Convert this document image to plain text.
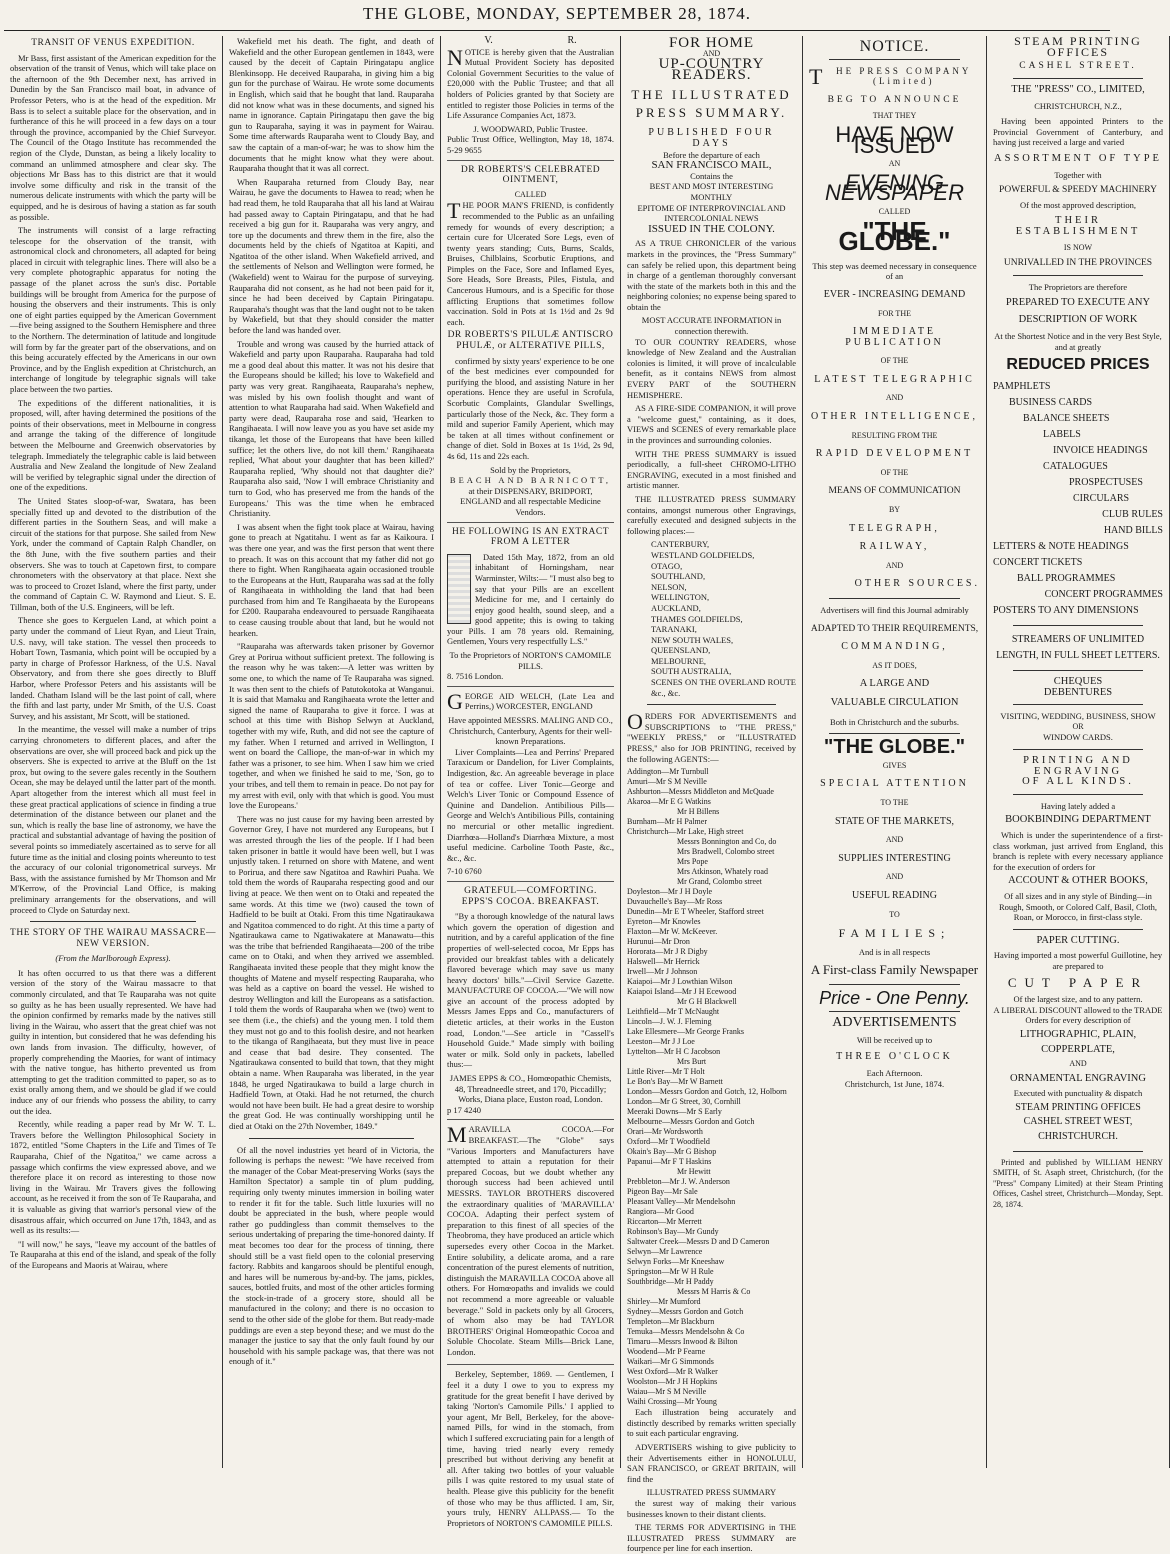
THE GLOBE, MONDAY, SEPTEMBER 28, 1874.
TRANSIT OF VENUS EXPEDITION.

Mr Bass, first assistant of the American expedition for the observation of the transit of Venus, which will take place on the afternoon of the 9th December next, has arrived in Dunedin by the San Francisco mail boat, in advance of Professor Peters, who is at the head of the expedition. Mr Bass is to select a suitable place for the observation, and in furtherance of this he will proceed in a few days on a tour through the province, accompanied by the Chief Surveyor. The Council of the Otago Institute has recommended the region of the Clyde, Dunstan, as being a likely locality to command an unlimmed atmosphere and clear sky. The objections Mr Bass has to this district are that it would involve some difficulty and risk in the transit of the numerous delicate instruments with which the party will be equipped, and he is desirous of having a station as far south as possible.

The instruments will consist of a large refracting telescope for the observation of the transit, with astronomical clock and chronometers, all adapted for being placed in circuit with telegraphic lines. There will also be a very complete photographic apparatus for noting the passage of the planet across the sun's disc. Portable buildings will be brought from America for the purpose of housing the observers and their instruments. This is only one of eight parties equipped by the American Government—five being assigned to the Southern Hemisphere and three to the Northern. The determination of latitude and longitude will form by far the greater part of the observations, and on this being accurately effected by the Americans in our own Province, and by the English expedition at Christchurch, an interchange of longitude by telegraphic signals will take place between the two parties.

The expeditions of the different nationalities, it is proposed, will, after having determined the positions of the points of their observations, meet in Melbourne in congress and arrange the taking of the difference of longitude between the Melbourne and Greenwich observatories by telegraph. Immediately the telegraphic cable is laid between Australia and New Zealand the longitude of New Zealand will be verified by telegraphic signal under the direction of one of the expeditions.

The United States sloop-of-war, Swatara, has been specially fitted up and devoted to the distribution of the different parties in the Southern Seas, and will make a circuit of the stations for that purpose. She sailed from New York, under the command of Captain Ralph Chandler, on the 8th June, with the five southern parties and their observers. She was to touch at Capetown first, to compare chronometers with the observatory at that place. Next she was to proceed to Crozet Island, where the first party, under the command of Captain C. W. Raymond and Lieut. S. E. Tillman, both of the U.S. Engineers, will be left.

Thence she goes to Kerguelen Land, at which point a party under the command of Lieut Ryan, and Lieut Train, U.S. navy, will take station. The vessel then proceeds to Hobart Town, Tasmania, which point will be occupied by a party in charge of Professor Harkness, of the U.S. Naval Observatory, and from there she goes directly to Bluff Harbor, where Professor Peters and his assistants will be landed. Chatham Island will be the last point of call, where the fifth and last party, under Mr Smith, of the U.S. Coast Survey, and his assistant, Mr Scott, will be stationed.

In the meantime, the vessel will make a number of trips carrying chronometers to different places, and after the observations are over, she will proceed back and pick up the observers. She is expected to arrive at the Bluff on the 1st prox, but owing to the severe gales recently in the Southern Ocean, she may be delayed until the latter part of the month. Apart altogether from the interest which all must feel in these great practical applications of science in finding a true determination of the distance between our planet and the sun, which is really the base line of astronomy, we have the practical and substantial advantage of having the position of several points so immediately ascertained as to serve for all future time as the initial and closing points whereunto to test the accuracy of our colonial trigonometrical surveys. Mr Bass, with the assistance furnished by Mr Thomson and Mr M'Kerrow, of the Provincial Land Office, is making preliminary arrangements for the observations, and will proceed to Clyde on Saturday next.

THE STORY OF THE WAIRAU MASSACRE—NEW VERSION.
(From the Marlborough Express).

It has often occurred to us that there was a different version of the story of the Wairau massacre to that commonly circulated, and that Te Rauparaha was not quite so guilty as he has been usually represented. We have had the opinion confirmed by remarks made by the natives still living in the Wairau, who assert that the great chief was not guilty in intention, but considered that he was defending his own lands from invasion. The difficulty, however, of properly comprehending the Maories, for want of intimacy with the native tongue, has hitherto prevented us from attempting to get the tradition committed to paper, so as to exist orally among them, and we should be glad if we could induce any of our friends who possess the ability, to carry out the idea.

Recently, while reading a paper read by Mr W. T. L. Travers before the Wellington Philosophical Society in 1872, entitled "Some Chapters in the Life and Times of Te Rauparaha, Chief of the Ngatitoa," we came across a passage which confirms the view expressed above, and we therefore place it on record as interesting to those now living in the Wairau. Mr Travers gives the following account, as he received it from the son of Te Rauparaha, and it is valuable as giving that warrior's personal view of the disastrous affair, which occurred on June 17th, 1843, and as well as its results:—

"I will now," he says, "leave my account of the battles of Te Rauparaha at this end of the island, and speak of the folly of the Europeans and Maoris at Wairau, where

Wakefield met his death. The fight, and death of Wakefield and the other European gentlemen in 1843, were caused by the deceit of Captain Piringatapu anglice Blenkinsopp. He deceived Rauparaha, in giving him a big gun for the purchase of Wairau. He wrote some documents in English, which said that he bought that land. Rauparaha did not know what was in these documents, and signed his name in ignorance. Captain Piringatapu then gave the big gun to Rauparaha, saying it was in payment for Wairau. Some time afterwards Rauparaha went to Cloudy Bay, and saw the captain of a man-of-war; he was to show him the documents that he might know what they were about. Rauparaha thought that it was all correct.

When Rauparaha returned from Cloudy Bay, near Wairau, he gave the documents to Hawea to read; when he had read them, he told Rauparaha that all his land at Wairau had passed away to Captain Piringatapu, and that he had received a big gun for it. Rauparaha was very angry, and tore up the documents and threw them in the fire, also the documents held by the chiefs of Ngatitoa at Kapiti, and Ngatitoa of the other island. When Wakefield arrived, and the settlements of Nelson and Wellington were formed, he (Wakefield) went to Wairau for the purpose of surveying. Rauparaha did not consent, as he had not been paid for it, since he had been deceived by Captain Piringatapu. Rauparaha's thought was that the land ought not to be taken by Wakefield, but that they should consider the matter before the land was handed over.

Trouble and wrong was caused by the hurried attack of Wakefield and party upon Rauparaha. Rauparaha had told me a good deal about this matter. It was not his desire that the Europeans should be killed; his love to Wakefield and party was very great. Rangihaeata, Rauparaha's nephew, was misled by his own foolish thought and want of attention to what Rauparaha had said. When Wakefield and party were dead, Rauparaha rose and said, 'Hearken to Rangihaeata. I will now leave you as you have set aside my tikanga, let those of the Europeans that have been killed suffice; let the others live, do not kill them.' Rangihaeata replied, 'What about your daughter that has been killed?' Rauparaha replied, 'Why should not that daughter die?' Rauparaha also said, 'Now I will embrace Christianity and turn to God, who has preserved me from the hands of the Europeans.' This was the time when he embraced Christianity.

I was absent when the fight took place at Wairau, having gone to preach at Ngatitahu. I went as far as Kaikoura. I was there one year, and was the first person that went there to preach. It was on this account that my father did not go there to fight. When Rangihaeata again occasioned trouble to the Europeans at the Hutt, Rauparaha was sad at the folly of Rangihaeata in withholding the land that had been purchased from him and Te Rangihaeata by the Europeans for £200. Rauparaha endeavoured to persuade Rangihaeata to cease causing trouble about that land, but he would not hearken.

"Rauparaha was afterwards taken prisoner by Governor Grey at Porirua without sufficient pretext. The following is the reason why he was taken:—A letter was written by some one, to which the name of Te Rauparaha was signed. It was then sent to the chiefs of Patutokotoka at Wanganui. It is said that Mamaku and Rangihaeata wrote the letter and signed the name of Rauparaha to give it force. I was at school at this time with Bishop Selwyn at Auckland, together with my wife, Ruth, and did not see the capture of my father. When I returned and arrived in Wellington, I went on board the Calliope, the man-of-war in which my father was a prisoner, to see him. When I saw him we cried together, and when we finished he said to me, 'Son, go to your tribes, and tell them to remain in peace. Do not pay for my arrest with evil, only with that which is good. You must love the Europeans.'

There was no just cause for my having been arrested by Governor Grey, I have not murdered any Europeans, but I was arrested through the lies of the people. If I had been taken prisoner in battle it would have been well, but I was unjustly taken. I returned on shore with Matene, and went to Porirua, and there saw Ngatitoa and Rawhiri Puaha. We told them the words of Rauparaha respecting good and our living at peace. We then went on to Otaki and repeated the same words. At this time we (two) caused the town of Hadfield to be built at Otaki. From this time Ngatiraukawa and Ngatitoa commenced to do right. At this time a party of Ngatiraukawa came to Ngatiwakatere at Manawatu—this was the tribe that befriended Rangihaeata—200 of the tribe came on to Otaki, and when they arrived we assembled. Rangihaeata invited these people that they might know the thoughts of Matene and myself respecting Rauparaha, who was held as a captive on board the vessel. He wished to destroy Wellington and kill the Europeans as a satisfaction. I told them the words of Rauparaha when we (two) went to see them (i.e., the chiefs) and the young men. I told them they must not go and to this foolish desire, and not hearken to the tikanga of Rangihaeata, but they must live in peace and cease that bad desire. They consented. The Ngatiraukawa consented to build that town, that they might obtain a name. When Rauparaha was liberated, in the year 1848, he urged Ngatiraukawa to build a large church in Hadfield Town, at Otaki. Had he not returned, the church would not have been built. He had a great desire to worship the great God. He was continually worshipping until he died at Otaki on the 27th November, 1849."

Of all the novel industries yet heard of in Victoria, the following is perhaps the newest: "We have received from the manager of the Cobar Meat-preserving Works (says the Hamilton Spectator) a sample tin of plum pudding, requiring only twenty minutes immersion in boiling water to render it fit for the table. Such little luxuries will no doubt be appreciated in the bush, where people would rather go puddingless than commit themselves to the serious undertaking of preparing the time-honored dainty. If meat becomes too dear for the process of tinning, there should still be a vast field open to the colonial preserving factory. Rabbits and kangaroos should be plentiful enough, and hares will be numerous by-and-by. The jams, pickles, sauces, bottled fruits, and most of the other articles forming the stock-in-trade of a grocery store, should all be manufactured in the colony; and there is no occasion to send to the other side of the globe for them. But ready-made puddings are even a step beyond these; and we must do the manager the justice to say that the only fault found by our household with his sample package was, that there was not enough of it."

V.	R.

NOTICE is hereby given that the Australian Mutual Provident Society has deposited Colonial Government Securities to the value of £20,000 with the Public Trustee; and that all holders of Policies granted by that Society are entitled to register those Policies in terms of the Life Assurance Companies Act, 1873.

J. WOODWARD, Public Trustee.
Public Trust Office, Wellington, May 18, 1874. 5-29 9655
DR ROBERTS'S CELEBRATED OINTMENT,
CALLED

THE POOR MAN'S FRIEND, is confidently recommended to the Public as an unfailing remedy for wounds of every description; a certain cure for Ulcerated Sore Legs, even of twenty years standing; Cuts, Burns, Scalds, Bruises, Chilblains, Scorbutic Eruptions, and Pimples on the Face, Sore and Inflamed Eyes, Sore Heads, Sore Breasts, Piles, Fistula, and Cancerous Humours, and is a Specific for those afflicting Eruptions that sometimes follow vaccination. Sold in Pots at 1s 1½d and 2s 9d each.

DR ROBERTS'S PILULÆ ANTISCRO PHULÆ, or ALTERATIVE PILLS,

confirmed by sixty years' experience to be one of the best medicines ever compounded for purifying the blood, and assisting Nature in her operations. Hence they are useful in Scrofula, Scorbutic Complaints, Glandular Swellings, particularly those of the Neck, &c. They form a mild and superior Family Aperient, which may be taken at all times without confinement or change of diet. Sold in Boxes at 1s 1½d, 2s 9d, 4s 6d, 11s and 22s each.

Sold by the Proprietors,
BEACH AND BARNICOTT,
at their DISPENSARY, BRIDPORT, ENGLAND and all respectable Medicine Vendors.
HE FOLLOWING IS AN EXTRACT FROM A LETTER

Dated 15th May, 1872, from an old inhabitant of Horningsham, near Warminster, Wilts:— "I must also beg to say that your Pills are an excellent Medicine for me, and I certainly do enjoy good health, sound sleep, and a good appetite; this is owing to taking your Pills. I am 78 years old. Remaining, Gentlemen, Yours very respectfully L.S."

To the Proprietors of NORTON'S CAMOMILE PILLS.
8. 7516 London.

GEORGE AID WELCH, (Late Lea and Perrins,) WORCESTER, ENGLAND

Have appointed MESSRS. MALING AND CO., Christchurch, Canterbury, Agents for their well-known Preparations.

Liver Complaints—Lea and Perrins' Prepared Taraxicum or Dandelion, for Liver Complaints, Indigestion, &c. An agreeable beverage in place of tea or coffee. Liver Tonic—George and Welch's Liver Tonic or Compound Essence of Quinine and Dandelion. Antibilious Pills—George and Welch's Antibilious Pills, containing no mercurial or other metallic ingredient. Diarrhœa—Holland's Diarrhœa Mixture, a most useful medicine. Carboline Tooth Paste, &c., &c., &c.

7-10 6760
GRATEFUL—COMFORTING. EPPS'S COCOA. BREAKFAST.

"By a thorough knowledge of the natural laws which govern the operation of digestion and nutrition, and by a careful application of the fine properties of well-selected cocoa, Mr Epps has provided our breakfast tables with a delicately flavored beverage which may save us many heavy doctors' bills."—Civil Service Gazette. MANUFACTURE OF COCOA.—"We will now give an account of the process adopted by Messrs James Epps and Co., manufacturers of dietetic articles, at their works in the Euston road, London."—See article in "Cassell's Household Guide." Made simply with boiling water or milk. Sold only in packets, labelled thus:—

JAMES EPPS & CO., Homœopathic Chemists, 48, Threadneedle street, and 170, Piccadilly; Works, Diana place, Euston road, London.
p 17 4240

MARAVILLA COCOA.—For BREAKFAST.—The "Globe" says "Various Importers and Manufacturers have attempted to attain a reputation for their prepared Cocoas, but we doubt whether any thorough success had been achieved until MESSRS. TAYLOR BROTHERS discovered the extraordinary qualities of 'MARAVILLA' COCOA. Adapting their perfect system of preparation to this finest of all species of the Theobroma, they have produced an article which supersedes every other Cocoa in the Market. Entire solubility, a delicate aroma, and a rare concentration of the purest elements of nutrition, distinguish the MARAVILLA COCOA above all others. For Homœopaths and invalids we could not recommend a more agreeable or valuable beverage." Sold in packets only by all Grocers, of whom also may be had TAYLOR BROTHERS' Original Homœopathic Cocoa and Soluble Chocolate. Steam Mills—Brick Lane, London.

Berkeley, September, 1869. — Gentlemen, I feel it a duty I owe to you to express my gratitude for the great benefit I have derived by taking 'Norton's Camomile Pills.' I applied to your agent, Mr Bell, Berkeley, for the above-named Pills, for wind in the stomach, from which I suffered excruciating pain for a length of time, having tried nearly every remedy prescribed but without deriving any benefit at all. After taking two bottles of your valuable pills I was quite restored to my usual state of health. Please give this publicity for the benefit of those who may be thus afflicted. I am, Sir, yours truly, HENRY ALLPASS.— To the Proprietors of NORTON'S CAMOMILE PILLS.

FOR HOME
AND
UP-COUNTRY READERS.
THE ILLUSTRATED PRESS SUMMARY.
PUBLISHED FOUR DAYS
Before the departure of each
SAN FRANCISCO MAIL,
Contains the
BEST AND MOST INTERESTING
MONTHLY
EPITOME OF INTERPROVINCIAL AND
INTERCOLONIAL NEWS
ISSUED IN THE COLONY.

AS A TRUE CHRONICLER of the various markets in the provinces, the "Press Summary" can safely be relied upon, this department being in charge of a gentleman thoroughly conversant with the state of the markets both in this and the neighboring colonies; no expense being spared to obtain the

MOST ACCURATE INFORMATION in connection therewith.

TO OUR COUNTRY READERS, whose knowledge of New Zealand and the Australian colonies is limited, it will prove of incalculable benefit, as it contains NEWS from almost EVERY PART of the SOUTHERN HEMISPHERE.

AS A FIRE-SIDE COMPANION, it will prove a "welcome guest," containing, as it does, VIEWS and SCENES of every remarkable place in the provinces and surrounding colonies.

WITH THE PRESS SUMMARY is issued periodically, a full-sheet CHROMO-LITHO ENGRAVING, executed in a most finished and artistic manner.

THE ILLUSTRATED PRESS SUMMARY contains, amongst numerous other Engravings, carefully executed and designed subjects in the following places:—

CANTERBURY,
WESTLAND GOLDFIELDS,
OTAGO,
SOUTHLAND,
NELSON,
WELLINGTON,
AUCKLAND,
THAMES GOLDFIELDS,
TARANAKI,
NEW SOUTH WALES,
QUEENSLAND,
MELBOURNE,
SOUTH AUSTRALIA,
SCENES ON THE OVERLAND ROUTE &c., &c.

ORDERS FOR ADVERTISEMENTS and SUBSCRIPTIONS to "THE PRESS," "WEEKLY PRESS," or "ILLUSTRATED PRESS," also for JOB PRINTING, received by the following AGENTS:—

Addington—Mr Turnbull
Amuri—Mr S M Neville
Ashburton—Messrs Middleton and McQuade
Akaroa—Mr E G Watkins
Mr H Billens
Burnham—Mr H Palmer
Christchurch—Mr Lake, High street
Messrs Bonnington and Co, do
Mrs Bradwell, Colombo street
Mrs Pope
Mrs Atkinson, Whately road
Mr Grand, Colombo street
Doyleston—Mr J H Doyle
Duvauchelle's Bay—Mr Ross
Dunedin—Mr E T Wheeler, Stafford street
Eyreton—Mr Knowles
Flaxton—Mr W. McKeever.
Hurunui—Mr Dron
Hororata—Mr J R Digby
Halswell—Mr Herrick
Irwell—Mr J Johnson
Kaiapoi—Mr J Lowthian Wilson
Kaiapoi Island—Mr J H Ecewood
Mr G H Blackwell
Leithfield—Mr T McNaught
Lincoln—J. W. J. Fleming
Lake Ellesmere—Mr George Franks
Leeston—Mr J J Loe
Lyttelton—Mr H C Jacobson
Mrs Burt
Little River—Mr T Holt
Le Bon's Bay—Mr W Barnett
London—Messrs Gordon and Gotch, 12, Holborn
London—Mr G Street, 30, Cornhill
Meeraki Downs—Mr S Early
Melbourne—Messrs Gordon and Gotch
Orari—Mr Wordsworth
Oxford—Mr T Woodfield
Okain's Bay—Mr G Bishop
Papanui—Mr F T Haskins
Mr Hewitt
Prebbleton—Mr J. W. Anderson
Pigeon Bay—Mr Sale
Pleasant Valley—Mr Mendelsohn
Rangiora—Mr Good
Riccarton—Mr Merrett
Robinson's Bay—Mr Gundy
Saltwater Creek—Messrs D and D Cameron
Selwyn—Mr Lawrence
Selwyn Forks—Mr Kneeshaw
Springston—Mr W H Rule
Southbridge—Mr H Paddy
Messrs M Harris & Co
Shirley—Mr Mumford
Sydney—Messrs Gordon and Gotch
Templeton—Mr Blackburn
Temuka—Messrs Mendelsohn & Co
Timaru—Messrs Inwood & Bilton
Woodend—Mr P Fearne
Waikari—Mr G Simmonds
West Oxford—Mr R Walker
Woolston—Mr J H Hopkins
Waiau—Mr S M Neville
Waihi Crossing—Mr Young

Each illustration being accurately and distinctly described by remarks written specially to suit each particular engraving.

ADVERTISERS wishing to give publicity to their Advertisements either in HONOLULU, SAN FRANCISCO, or GREAT BRITAIN, will find the

ILLUSTRATED PRESS SUMMARY

the surest way of making their various businesses known to their distant clients.

THE TERMS FOR ADVERTISING in THE ILLUSTRATED PRESS SUMMARY are fourpence per line for each insertion.

NOTICE.
T HE PRESS COMPANY (Limited)
BEG TO ANNOUNCE
THAT THEY
HAVE NOW ISSUED
AN
EVENING NEWSPAPER
CALLED
"THE GLOBE."
This step was deemed necessary in consequence of an
EVER - INCREASING DEMAND
FOR THE
IMMEDIATE PUBLICATION
OF THE
LATEST TELEGRAPHIC
AND
OTHER INTELLIGENCE,
RESULTING FROM THE
RAPID DEVELOPMENT
OF THE
MEANS OF COMMUNICATION
BY
TELEGRAPH,
RAILWAY,
AND
OTHER SOURCES.
Advertisers will find this Journal admirably
ADAPTED TO THEIR REQUIREMENTS,
COMMANDING,
AS IT DOES,
A LARGE AND
VALUABLE CIRCULATION
Both in Christchurch and the suburbs.
"THE GLOBE."
GIVES
SPECIAL ATTENTION
TO THE
STATE OF THE MARKETS,
AND
SUPPLIES INTERESTING
AND
USEFUL READING
TO
FAMILIES;
And is in all respects
A First-class Family Newspaper
Price - One Penny.
ADVERTISEMENTS
Will be received up to
THREE O'CLOCK
Each Afternoon.
Christchurch, 1st June, 1874.
STEAM PRINTING OFFICES
CASHEL STREET.
THE "PRESS" CO., LIMITED,
CHRISTCHURCH, N.Z.,

Having been appointed Printers to the Provincial Government of Canterbury, and having just received a large and varied

ASSORTMENT OF TYPE
Together with
POWERFUL & SPEEDY MACHINERY
Of the most approved description,
THEIR ESTABLISHMENT
IS NOW
UNRIVALLED IN THE PROVINCES
The Proprietors are therefore
PREPARED TO EXECUTE ANY
DESCRIPTION OF WORK
At the Shortest Notice and in the very Best Style, and at greatly
REDUCED PRICES
PAMPHLETS
BUSINESS CARDS
BALANCE SHEETS
LABELS
INVOICE HEADINGS
CATALOGUES
PROSPECTUSES
CIRCULARS
CLUB RULES
HAND BILLS
LETTERS & NOTE HEADINGS
CONCERT TICKETS
BALL PROGRAMMES
CONCERT PROGRAMMES
POSTERS TO ANY DIMENSIONS
STREAMERS OF UNLIMITED LENGTH, IN FULL SHEET LETTERS.
CHEQUES
DEBENTURES
VISITING, WEDDING, BUSINESS, SHOW
OR
WINDOW CARDS.
PRINTING AND ENGRAVING
OF ALL KINDS.
Having lately added a
BOOKBINDING DEPARTMENT

Which is under the superintendence of a first-class workman, just arrived from England, this branch is replete with every necessary appliance for the execution of orders for

ACCOUNT & OTHER BOOKS,

Of all sizes and in any style of Binding—in Rough, Smooth, or Colored Calf, Basil, Cloth, Roan, or Morocco, in first-class style.

PAPER CUTTING.
Having imported a most powerful Guillotine, hey are prepared to
CUT PAPER
Of the largest size, and to any pattern.
A LIBERAL DISCOUNT allowed to the TRADE
Orders for every description of
LITHOGRAPHIC, PLAIN,
COPPERPLATE,
AND
ORNAMENTAL ENGRAVING
Executed with punctuality & dispatch
STEAM PRINTING OFFICES
CASHEL STREET WEST,
CHRISTCHURCH.

Printed and published by WILLIAM HENRY SMITH, of St. Asaph street, Christchurch, (for the "Press" Company Limited) at their Steam Printing Offices, Cashel street, Christchurch—Monday, Sept. 28, 1874.
